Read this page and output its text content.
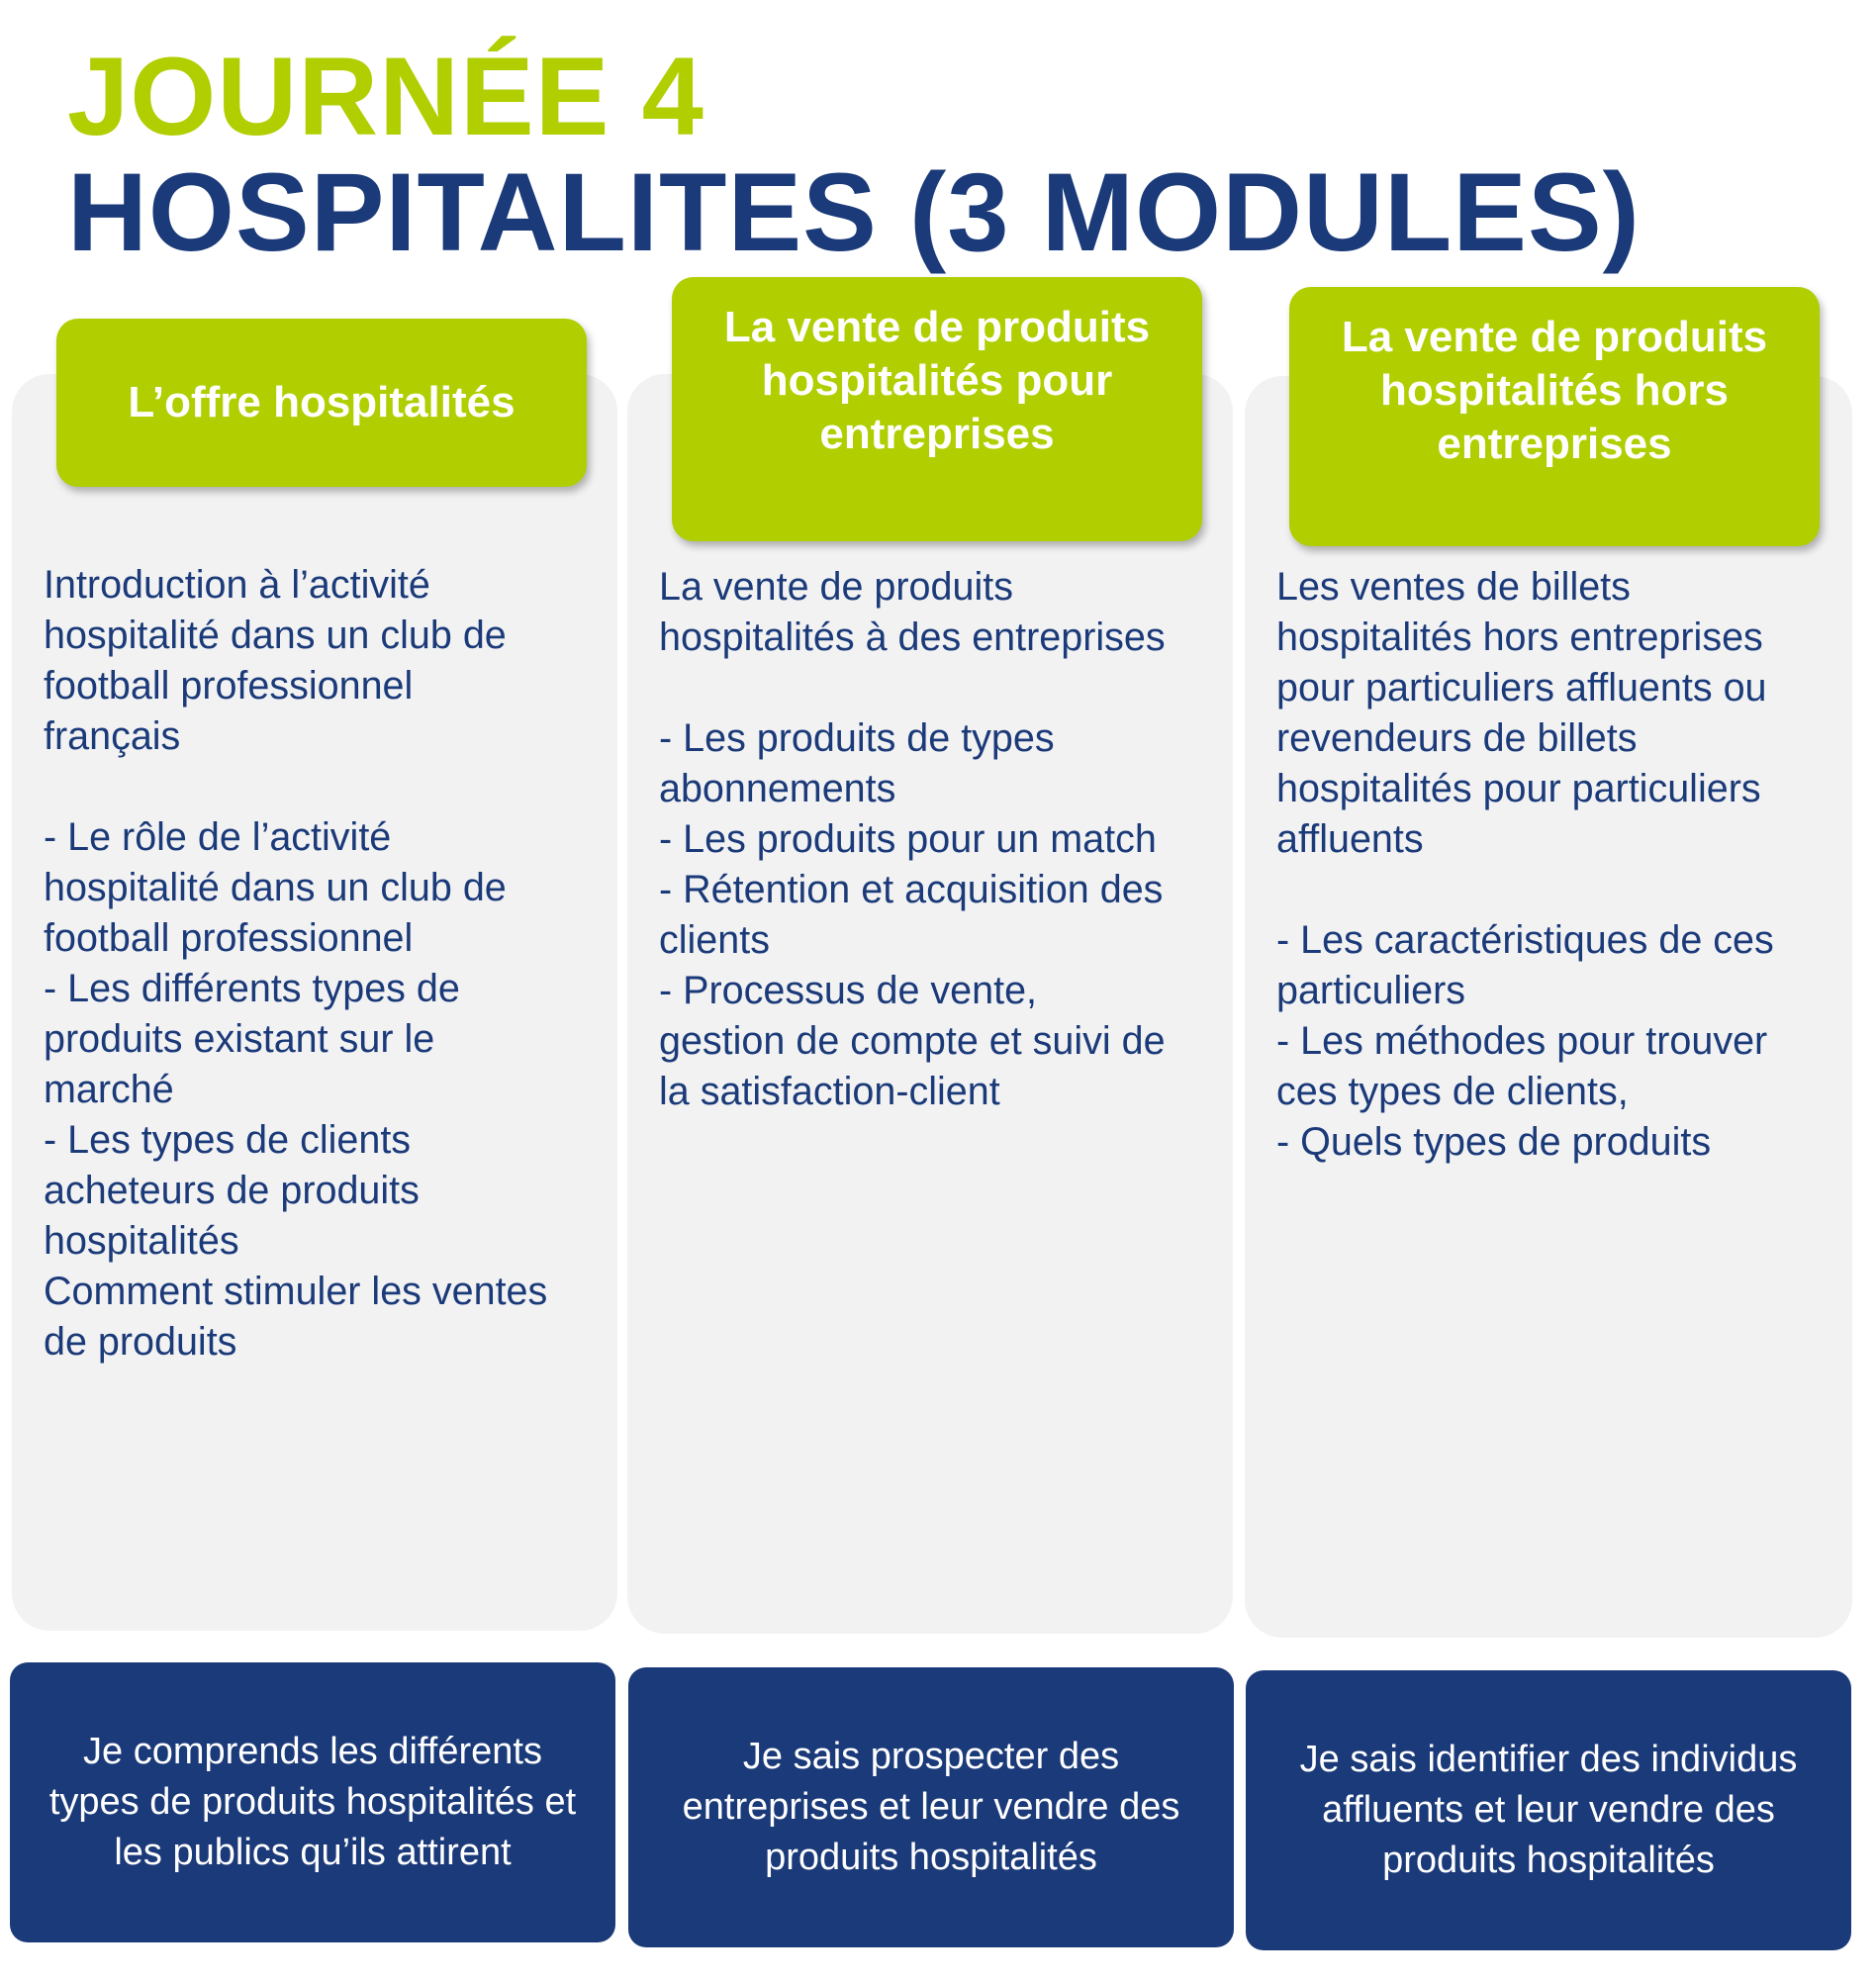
JOURNÉE 4
HOSPITALITES (3 MODULES)
L’offre hospitalités

Introduction à l’activité
hospitalité dans un club de
football professionnel
français

- Le rôle de l’activité
hospitalité dans un club de
football professionnel
- Les différents types de
produits existant sur le
marché
- Les types de clients
acheteurs de produits
hospitalités
Comment stimuler les ventes
de produits

Je comprends les différents types de produits hospitalités et les publics qu’ils attirent
La vente de produits hospitalités pour entreprises

La vente de produits
hospitalités à des entreprises

- Les produits de types
abonnements
- Les produits pour un match
- Rétention et acquisition des
clients
- Processus de vente,
gestion de compte et suivi de
la satisfaction-client

Je sais prospecter des entreprises et leur vendre des produits hospitalités
La vente de produits hospitalités hors entreprises

Les ventes de billets
hospitalités hors entreprises
pour particuliers affluents ou
revendeurs de billets
hospitalités pour particuliers
affluents

- Les caractéristiques de ces
particuliers
- Les méthodes pour trouver
ces types de clients,
- Quels types de produits

Je sais identifier des individus affluents et leur vendre des produits hospitalités
